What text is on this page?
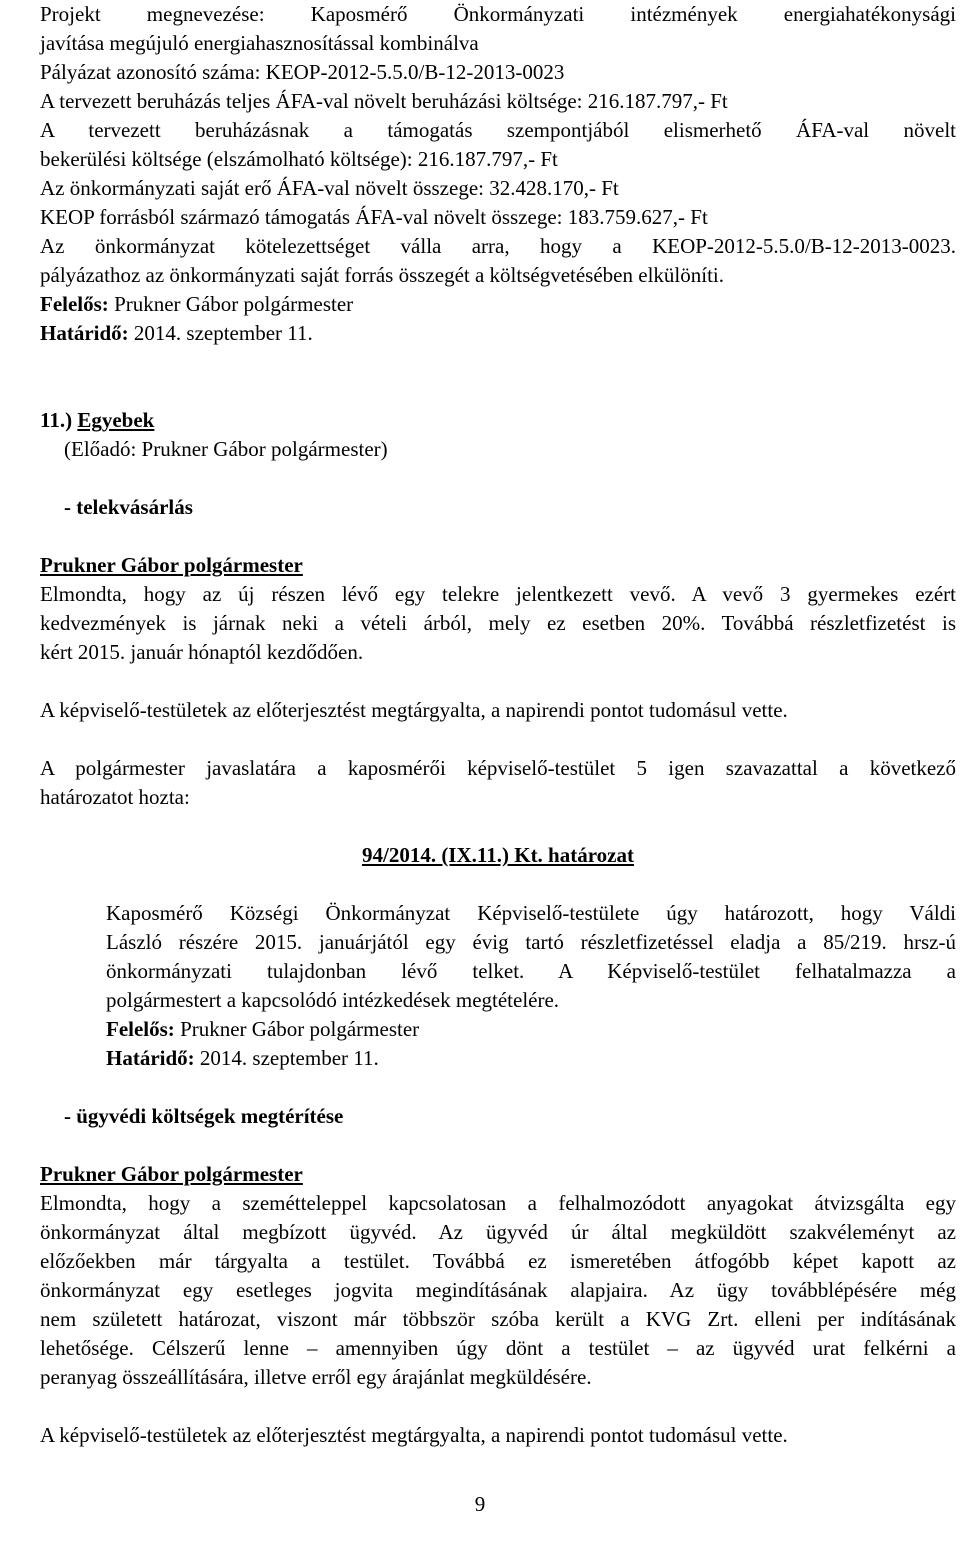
Projekt megnevezése: Kaposmérő Önkormányzati intézmények energiahatékonysági

javítása megújuló energiahasznosítással kombinálva

Pályázat azonosító száma: KEOP-2012-5.5.0/B-12-2013-0023

A tervezett beruházás teljes ÁFA-val növelt beruházási költsége: 216.187.797,- Ft

A tervezett beruházásnak a támogatás szempontjából elismerhető ÁFA-val növelt

bekerülési költsége (elszámolható költsége): 216.187.797,- Ft

Az önkormányzati saját erő ÁFA-val növelt összege: 32.428.170,- Ft

KEOP forrásból származó támogatás ÁFA-val növelt összege: 183.759.627,- Ft

Az önkormányzat kötelezettséget válla arra, hogy a KEOP-2012-5.5.0/B-12-2013-0023.

pályázathoz az önkormányzati saját forrás összegét a költségvetésében elkülöníti.

Felelős: Prukner Gábor polgármester

Határidő: 2014. szeptember 11.

11.) Egyebek

(Előadó: Prukner Gábor polgármester)

- telekvásárlás

Prukner Gábor polgármester

Elmondta, hogy az új részen lévő egy telekre jelentkezett vevő. A vevő 3 gyermekes ezért

kedvezmények is járnak neki a vételi árból, mely ez esetben 20%. Továbbá részletfizetést is

kért 2015. január hónaptól kezdődően.

A képviselő-testületek az előterjesztést megtárgyalta, a napirendi pontot tudomásul vette.

A polgármester javaslatára a kaposmérői képviselő-testület 5 igen szavazattal a következő

határozatot hozta:

94/2014. (IX.11.) Kt. határozat

Kaposmérő Községi Önkormányzat Képviselő-testülete úgy határozott, hogy Váldi

László részére 2015. januárjától egy évig tartó részletfizetéssel eladja a 85/219. hrsz-ú

önkormányzati tulajdonban lévő telket. A Képviselő-testület felhatalmazza a

polgármestert a kapcsolódó intézkedések megtételére.

Felelős: Prukner Gábor polgármester

Határidő: 2014. szeptember 11.

- ügyvédi költségek megtérítése

Prukner Gábor polgármester

Elmondta, hogy a szeméttelep​pel kapcsolatosan a felhalmozódott anyagokat átvizsgálta egy

önkormányzat által megbízott ügyvéd. Az ügyvéd úr által megküldött szakvéleményt az

előzőekben már tárgyalta a testület. Továbbá ez ismeretében átfogóbb képet kapott az

önkormányzat egy esetleges jogvita megindításának alapjaira. Az ügy továbblépésére még

nem született határozat, viszont már többször szóba került a KVG Zrt. elleni per indításának

lehetősége. Célszerű lenne – amennyiben úgy dönt a testület – az ügyvéd urat felkérni a

peranyag összeállítására, illetve erről egy árajánlat megküldésére.

A képviselő-testületek az előterjesztést megtárgyalta, a napirendi pontot tudomásul vette.

9
